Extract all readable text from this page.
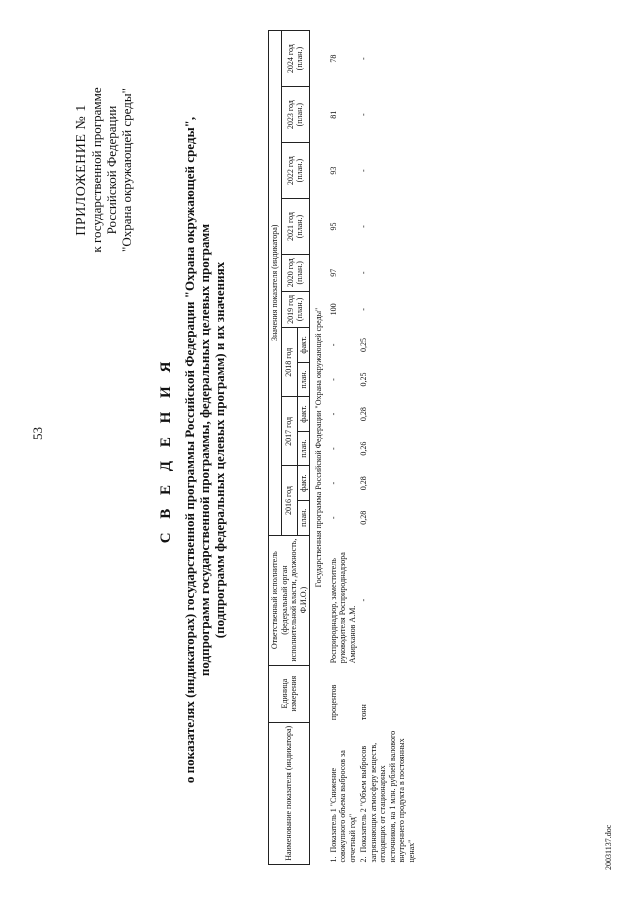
53
20031137.doc
ПРИЛОЖЕНИЕ № 1 к государственной программе Российской Федерации "Охрана окружающей среды"
С В Е Д Е Н И Я о показателях (индикаторах) государственной программы Российской Федерации "Охрана окружающей среды", подпрограмм государственной программы, федеральных целевых программ (подпрограмм федеральных целевых программ) и их значениях
Наименование показателя (индикатора)	Единица измерения	Ответственный исполнитель (федеральный орган исполнительной власти, должность, Ф.И.О.)	Значения показателя (индикатора)											
			2016 год		2017 год		2018 год		2019 год (план.)	2020 год (план.)	2021 год (план.)	2022 год (план.)	2023 год (план.)	2024 год (план.)
			план.	факт.	план.	факт.	план.	факт.						
Государственная программа Российской Федерации "Охрана окружающей среды"														
1.  Показатель 1 "Снижение совокупного объема выбросов за отчетный год"	процентов	Росприроднадзор, заместитель руководителя Росприроднадзора Амирханов А.М.	-	-	-	-	-	-	100	97	95	93	81	78
2.  Показатель 2 "Объем выбросов загрязняющих атмосферу веществ, отходящих от стационарных источников, на 1 млн. рублей валового внутреннего продукта в постоянных ценах"	тонн	-	0,28	0,28	0,26	0,28	0,25	0,25	-	-	-	-	-	-
